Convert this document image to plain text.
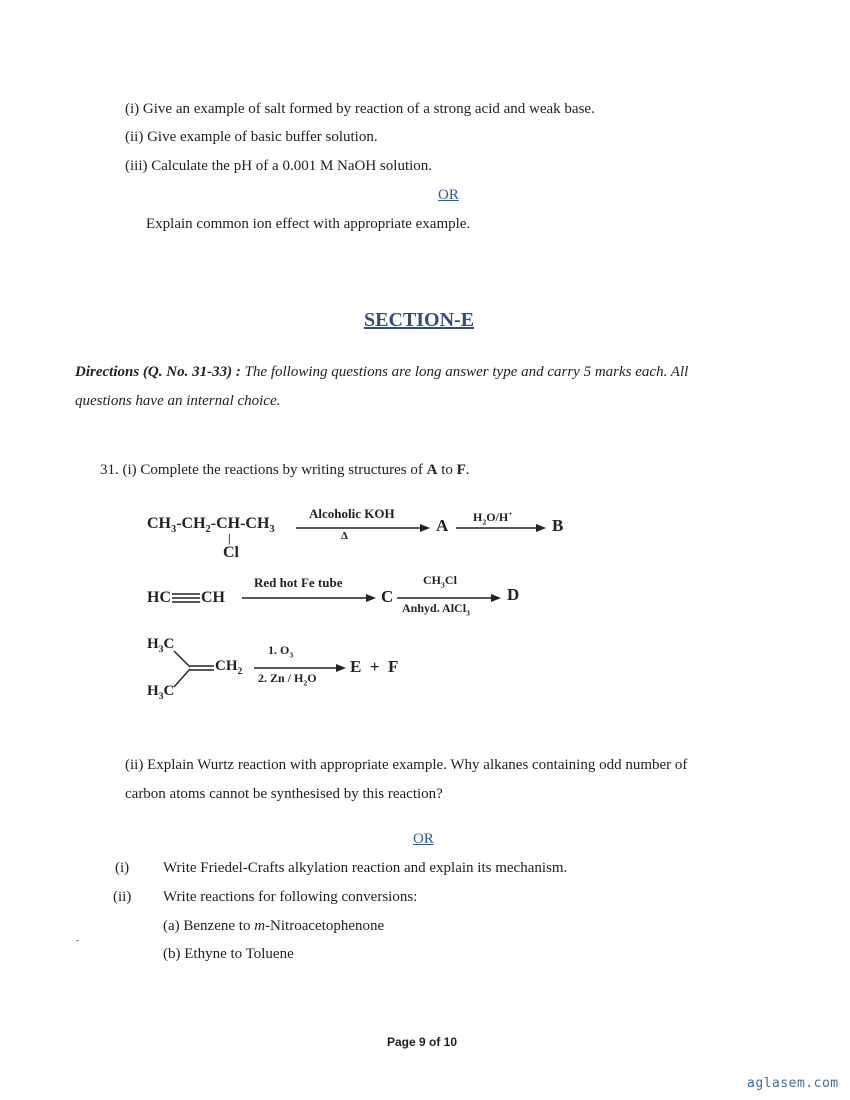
(i) Give an example of salt formed by reaction of a strong acid and weak base.
(ii) Give example of basic buffer solution.
(iii) Calculate the pH of a 0.001 M NaOH solution.
OR
Explain common ion effect with appropriate example.
SECTION-E
Directions (Q. No. 31-33) : The following questions are long answer type and carry 5 marks each. All
questions have an internal choice.
31. (i) Complete the reactions by writing structures of A to F.
$CH_3-CH_2-CH-CH_3$
|
Cl
Alcoholic KOH
Δ
A $H_2O/H^+$
B
HC CH
Red hot Fe tube
C
$CH_3Cl$
Anhyd. AlCl$_3$
D
$H_3C$
$H_3C$
$CH_2$
1. $O_3$
2. Zn / $H_2O$
E  +  F
(ii) Explain Wurtz reaction with appropriate example. Why alkanes containing odd number of
carbon atoms cannot be synthesised by this reaction?
OR
(i) Write Friedel-Crafts alkylation reaction and explain its mechanism.
(ii) Write reactions for following conversions:
(a) Benzene to m-Nitroacetophenone
(b) Ethyne to Toluene
Page 9 of 10
aglasem.com
